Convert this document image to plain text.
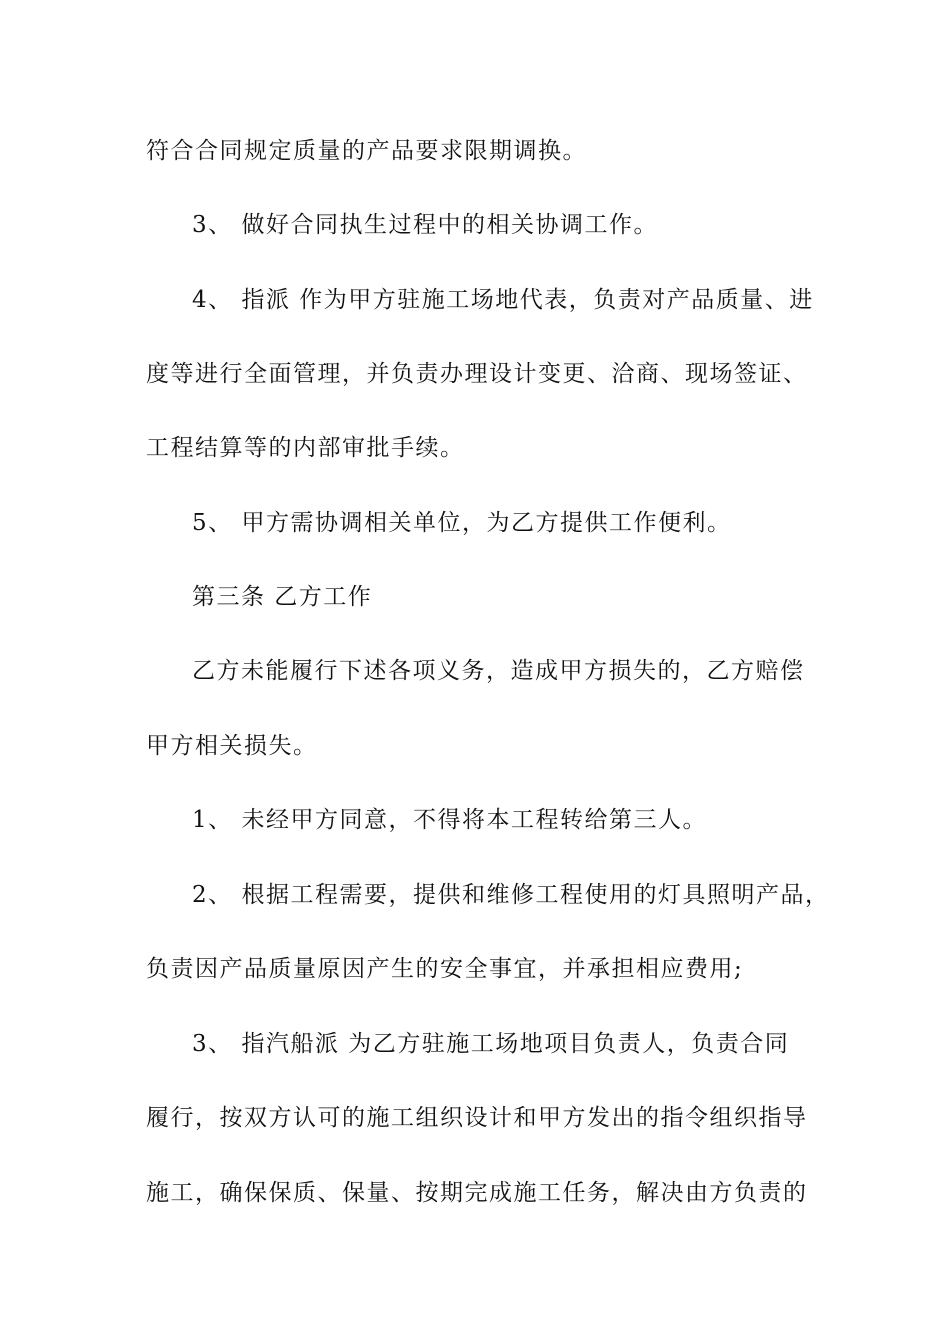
符合合同规定质量的产品要求限期调换。
3、 做好合同执生过程中的相关协调工作。
4、 指派 作为甲方驻施工场地代表，负责对产品质量、进
度等进行全面管理，并负责办理设计变更、洽商、现场签证、
工程结算等的内部审批手续。
5、 甲方需协调相关单位，为乙方提供工作便利。
第三条 乙方工作
乙方未能履行下述各项义务，造成甲方损失的，乙方赔偿
甲方相关损失。
1、 未经甲方同意，不得将本工程转给第三人。
2、 根据工程需要，提供和维修工程使用的灯具照明产品，
负责因产品质量原因产生的安全事宜，并承担相应费用;
3、 指汽船派 为乙方驻施工场地项目负责人，负责合同
履行，按双方认可的施工组织设计和甲方发出的指令组织指导
施工，确保保质、保量、按期完成施工任务，解决由方负责的
